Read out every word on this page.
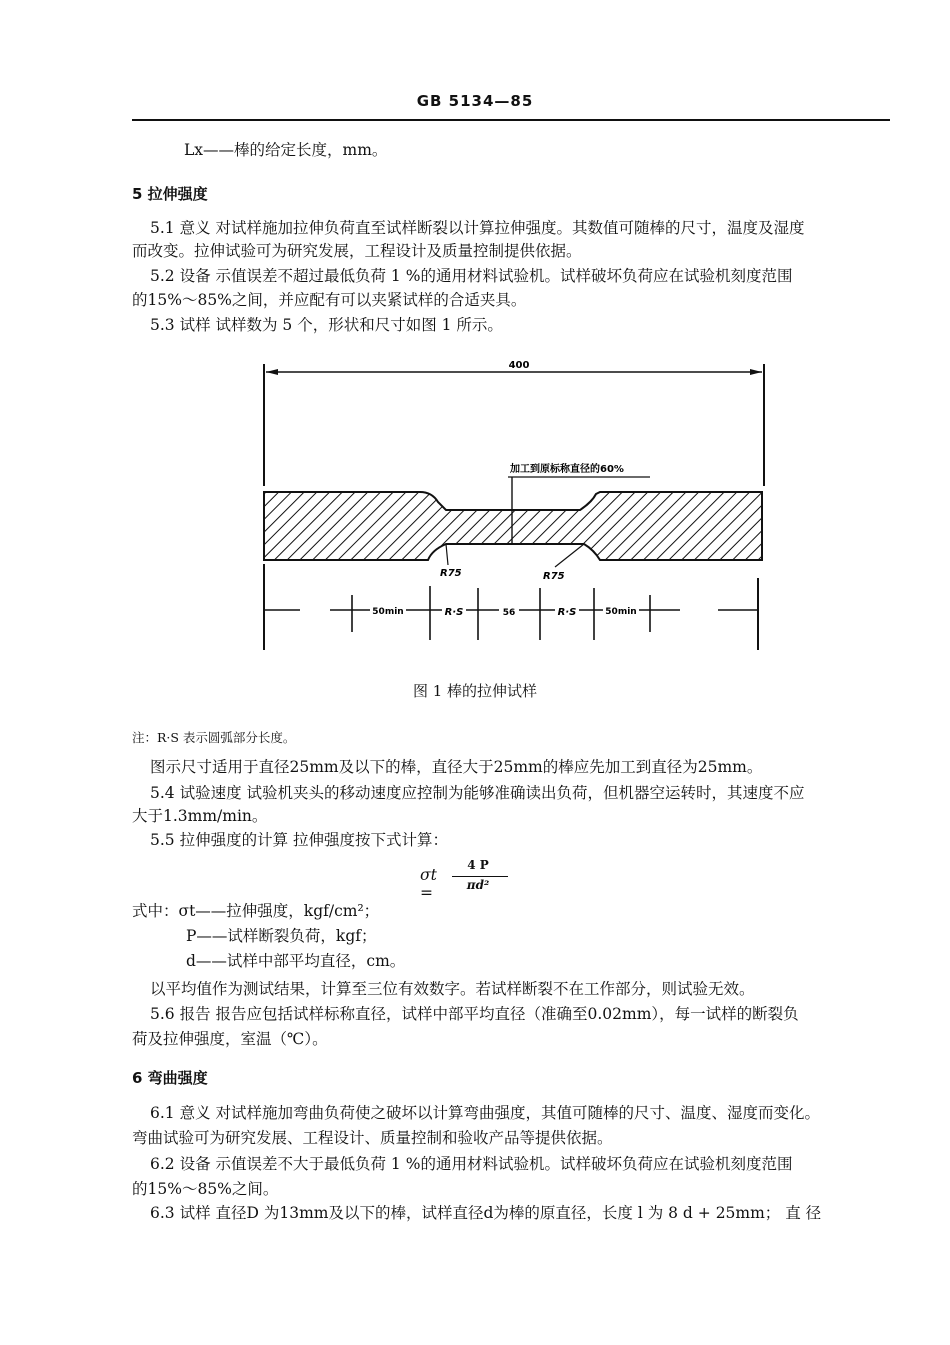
GB 5134—85
Lx——棒的给定长度，mm。
5 拉伸强度
5.1 意义 对试样施加拉伸负荷直至试样断裂以计算拉伸强度。其数值可随棒的尺寸，温度及湿度
而改变。拉伸试验可为研究发展，工程设计及质量控制提供依据。
5.2 设备 示值误差不超过最低负荷 1 %的通用材料试验机。试样破坏负荷应在试验机刻度范围
的15%～85%之间，并应配有可以夹紧试样的合适夹具。
5.3 试样 试样数为 5 个，形状和尺寸如图 1 所示。
400
加工到原标称直径的60%
R75	R75
50min	R·S	56	R·S	50min
图 1 棒的拉伸试样
注：R·S 表示圆弧部分长度。
图示尺寸适用于直径25mm及以下的棒，直径大于25mm的棒应先加工到直径为25mm。
5.4 试验速度 试验机夹头的移动速度应控制为能够准确读出负荷，但机器空运转时，其速度不应
大于1.3mm/min。
5.5 拉伸强度的计算 拉伸强度按下式计算：
σt =
4 P
πd²
式中：σt——拉伸强度，kgf/cm²；
P——试样断裂负荷，kgf；
d——试样中部平均直径，cm。
以平均值作为测试结果，计算至三位有效数字。若试样断裂不在工作部分，则试验无效。
5.6 报告 报告应包括试样标称直径，试样中部平均直径（准确至0.02mm），每一试样的断裂负
荷及拉伸强度，室温（℃）。
6 弯曲强度
6.1 意义 对试样施加弯曲负荷使之破坏以计算弯曲强度，其值可随棒的尺寸、温度、湿度而变化。
弯曲试验可为研究发展、工程设计、质量控制和验收产品等提供依据。
6.2 设备 示值误差不大于最低负荷 1 %的通用材料试验机。试样破坏负荷应在试验机刻度范围
的15%～85%之间。
6.3 试样 直径D 为13mm及以下的棒，试样直径d为棒的原直径，长度 l 为 8 d + 25mm； 直 径
